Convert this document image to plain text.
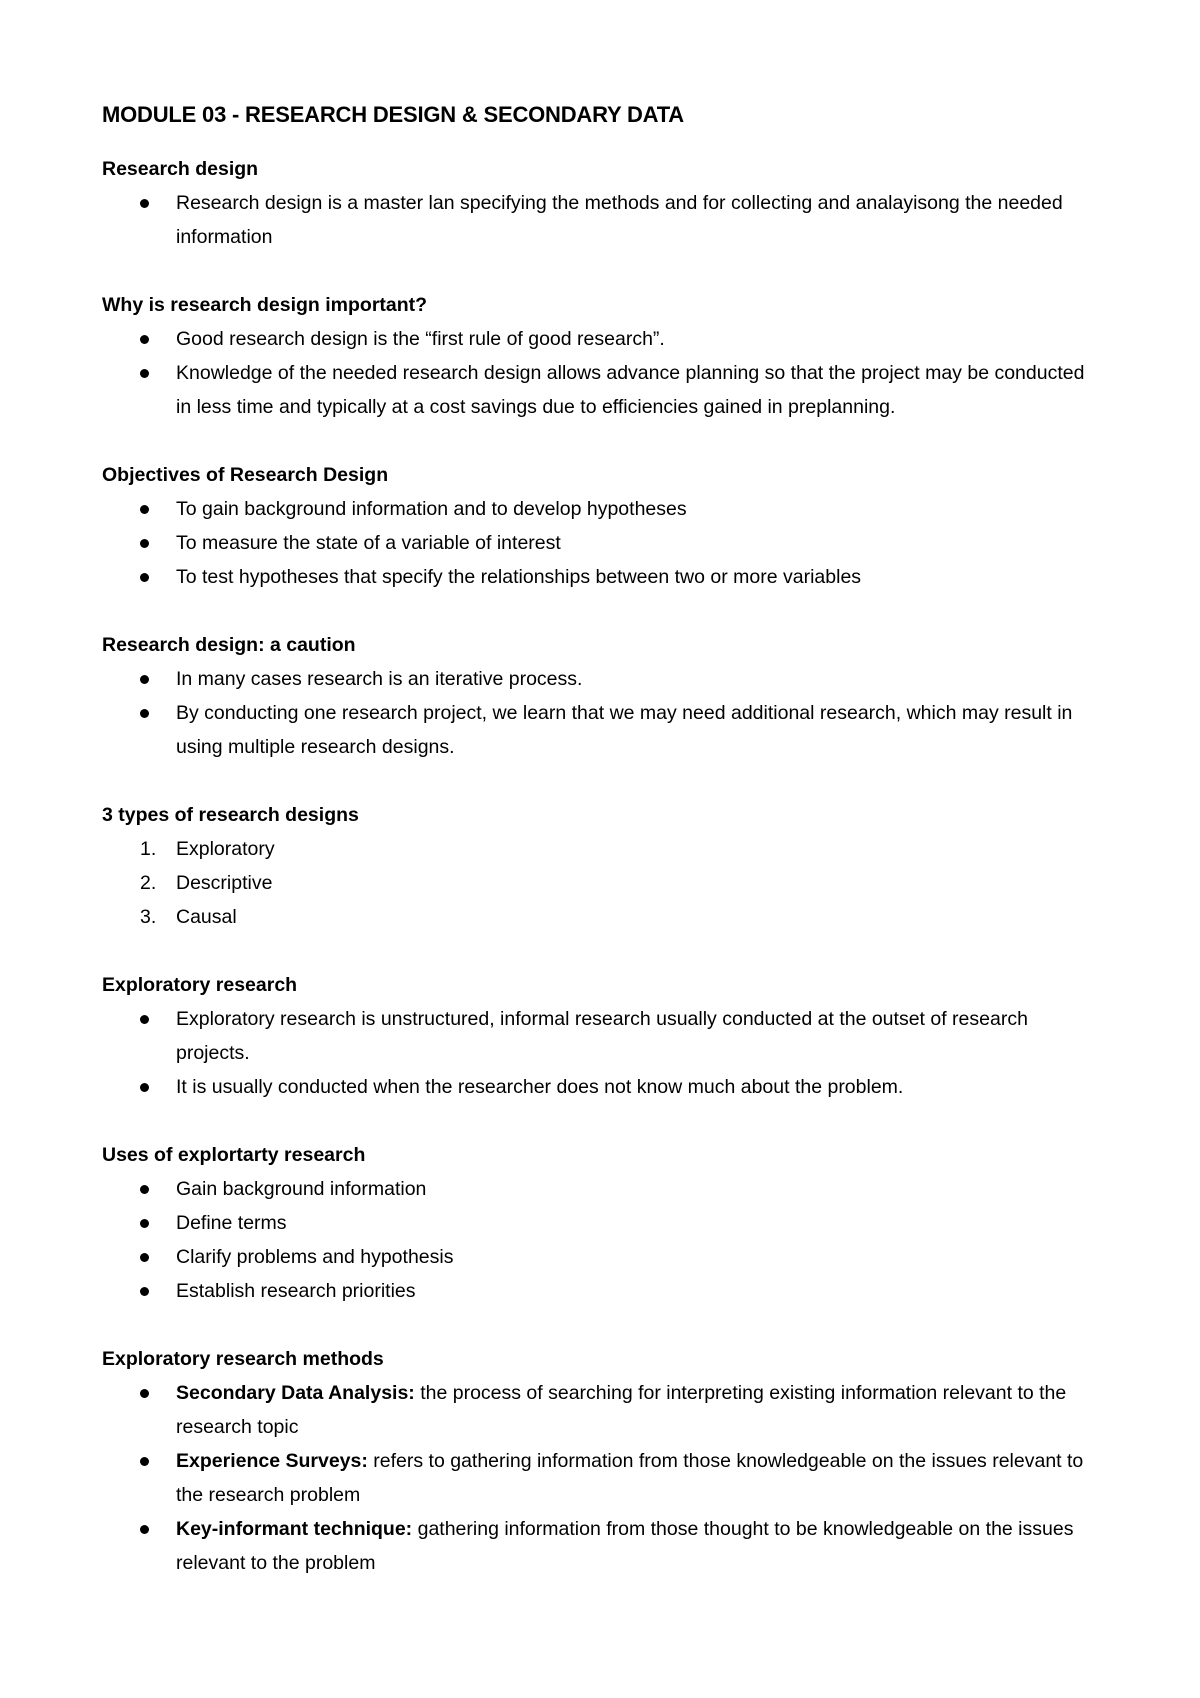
MODULE 03 - RESEARCH DESIGN & SECONDARY DATA
Research design
Research design is a master lan specifying the methods and for collecting and analayisong the needed information
Why is research design important?
Good research design is the “first rule of good research”.
Knowledge of the needed research design allows advance planning so that the project may be conducted in less time and typically at a cost savings due to efficiencies gained in preplanning.
Objectives of Research Design
To gain background information and to develop hypotheses
To measure the state of a variable of interest
To test hypotheses that specify the relationships between two or more variables
Research design: a caution
In many cases research is an iterative process.
By conducting one research project, we learn that we may need additional research, which may result in using multiple research designs.
3 types of research designs
1.	Exploratory
2.	Descriptive
3.	Causal
Exploratory research
Exploratory research is unstructured, informal research usually conducted at the outset of research projects.
It is usually conducted when the researcher does not know much about the problem.
Uses of explortarty research
Gain background information
Define terms
Clarify problems and hypothesis
Establish research priorities
Exploratory research methods
Secondary Data Analysis: the process of searching for interpreting existing information relevant to the research topic
Experience Surveys: refers to gathering information from those knowledgeable on the issues relevant to the research problem
Key-informant technique: gathering information from those thought to be knowledgeable on the issues relevant to the problem
